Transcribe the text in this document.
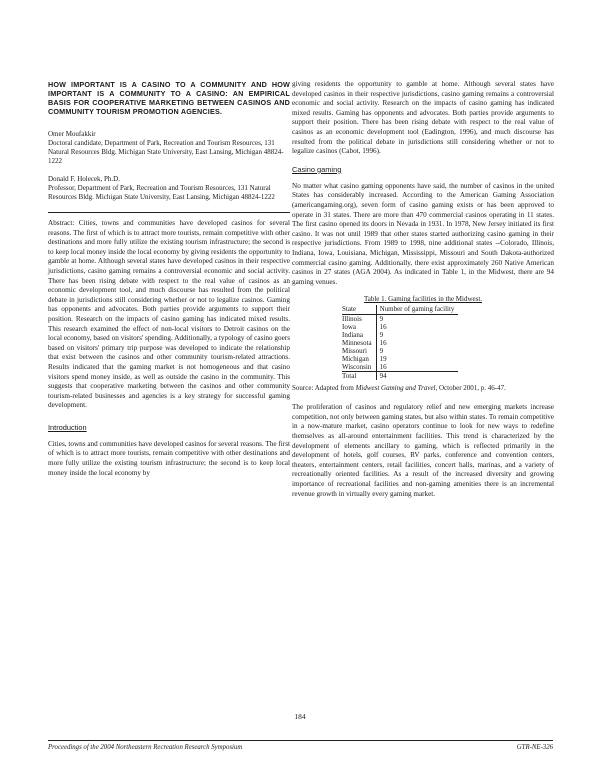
HOW IMPORTANT IS A CASINO TO A COMMUNITY AND HOW IMPORTANT IS A COMMUNITY TO A CASINO: AN EMPIRICAL BASIS FOR COOPERATIVE MARKETING BETWEEN CASINOS AND COMMUNITY TOURISM PROMOTION AGENCIES.
Omer Moufakkir
Doctoral candidate, Department of Park, Recreation and Tourism Resources, 131 Natural Resources Bldg. Michigan State University, East Lansing, Michigan 48824-1222
Donald F. Holecek, Ph.D.
Professor, Department of Park, Recreation and Tourism Resources, 131 Natural Resources Bldg. Michigan State University, East Lansing, Michigan 48824-1222

Abstract: Cities, towns and communities have developed casinos for several reasons. The first of which is to attract more tourists, remain competitive with other destinations and more fully utilize the existing tourism infrastructure; the second is to keep local money inside the local economy by giving residents the opportunity to gamble at home. Although several states have developed casinos in their respective jurisdictions, casino gaming remains a controversial economic and social activity. There has been rising debate with respect to the real value of casinos as an economic development tool, and much discourse has resulted from the political debate in jurisdictions still considering whether or not to legalize casinos. Gaming has opponents and advocates. Both parties provide arguments to support their position. Research on the impacts of casino gaming has indicated mixed results. This research examined the effect of non-local visitors to Detroit casinos on the local economy, based on visitors' spending. Additionally, a typology of casino goers based on visitors' primary trip purpose was developed to indicate the relationship that exist between the casinos and other community tourism-related attractions. Results indicated that the gaming market is not homogeneous and that casino visitors spend money inside, as well as outside the casino in the community. This suggests that cooperative marketing between the casinos and other community tourism-related businesses and agencies is a key strategy for successful gaming development.

Introduction

Cities, towns and communities have developed casinos for several reasons. The first of which is to attract more tourists, remain competitive with other destinations and more fully utilize the existing tourism infrastructure; the second is to keep local money inside the local economy by

giving residents the opportunity to gamble at home. Although several states have developed casinos in their respective jurisdictions, casino gaming remains a controversial economic and social activity. Research on the impacts of casino gaming has indicated mixed results. Gaming has opponents and advocates. Both parties provide arguments to support their position. There has been rising debate with respect to the real value of casinos as an economic development tool (Eadington, 1996), and much discourse has resulted from the political debate in jurisdictions still considering whether or not to legalize casinos (Cabot, 1996).

Casino gaming

No matter what casino gaming opponents have said, the number of casinos in the united States has considerably increased. According to the American Gaming Association (americangaming.org), seven form of casino gaming exists or has been approved to operate in 31 states. There are more than 470 commercial casinos operating in 11 states. The first casino opened its doors in Nevada in 1931. In 1978, New Jersey initiated its first casino. It was not until 1989 that other states started authorizing casino gaming in their respective jurisdictions. From 1989 to 1998, nine additional states --Colorado, Illinois, Indiana, Iowa, Louisiana, Michigan, Mississippi, Missouri and South Dakota-authorized commercial casino gaming. Additionally, there exist approximately 260 Native American casinos in 27 states (AGA 2004). As indicated in Table 1, in the Midwest, there are 94 gaming venues.

Table 1. Gaming facilities in the Midwest.
State	Number of gaming facility
Illinois	9
Iowa	16
Indiana	9
Minnesota	16
Missouri	9
Michigan	19
Wisconsin	16
Total	94

Source: Adapted from Midwest Gaming and Travel, October 2001, p. 46-47.

The proliferation of casinos and regulatory relief and new emerging markets increase competition, not only between gaming states, but also within states. To remain competitive in a now-mature market, casino operators continue to look for new ways to redefine themselves as all-around entertainment facilities. This trend is characterized by the development of elements ancillary to gaming, which is reflected primarily in the development of hotels, golf courses, RV parks, conference and convention centers, theaters, entertainment centers, retail facilities, concert halls, marinas, and a variety of recreationally oriented facilities. As a result of the increased diversity and growing importance of recreational facilities and non-gaming amenities there is an incremental revenue growth in virtually every gaming market.

184
Proceedings of the 2004 Northeastern Recreation Research Symposium	GTR-NE-326
